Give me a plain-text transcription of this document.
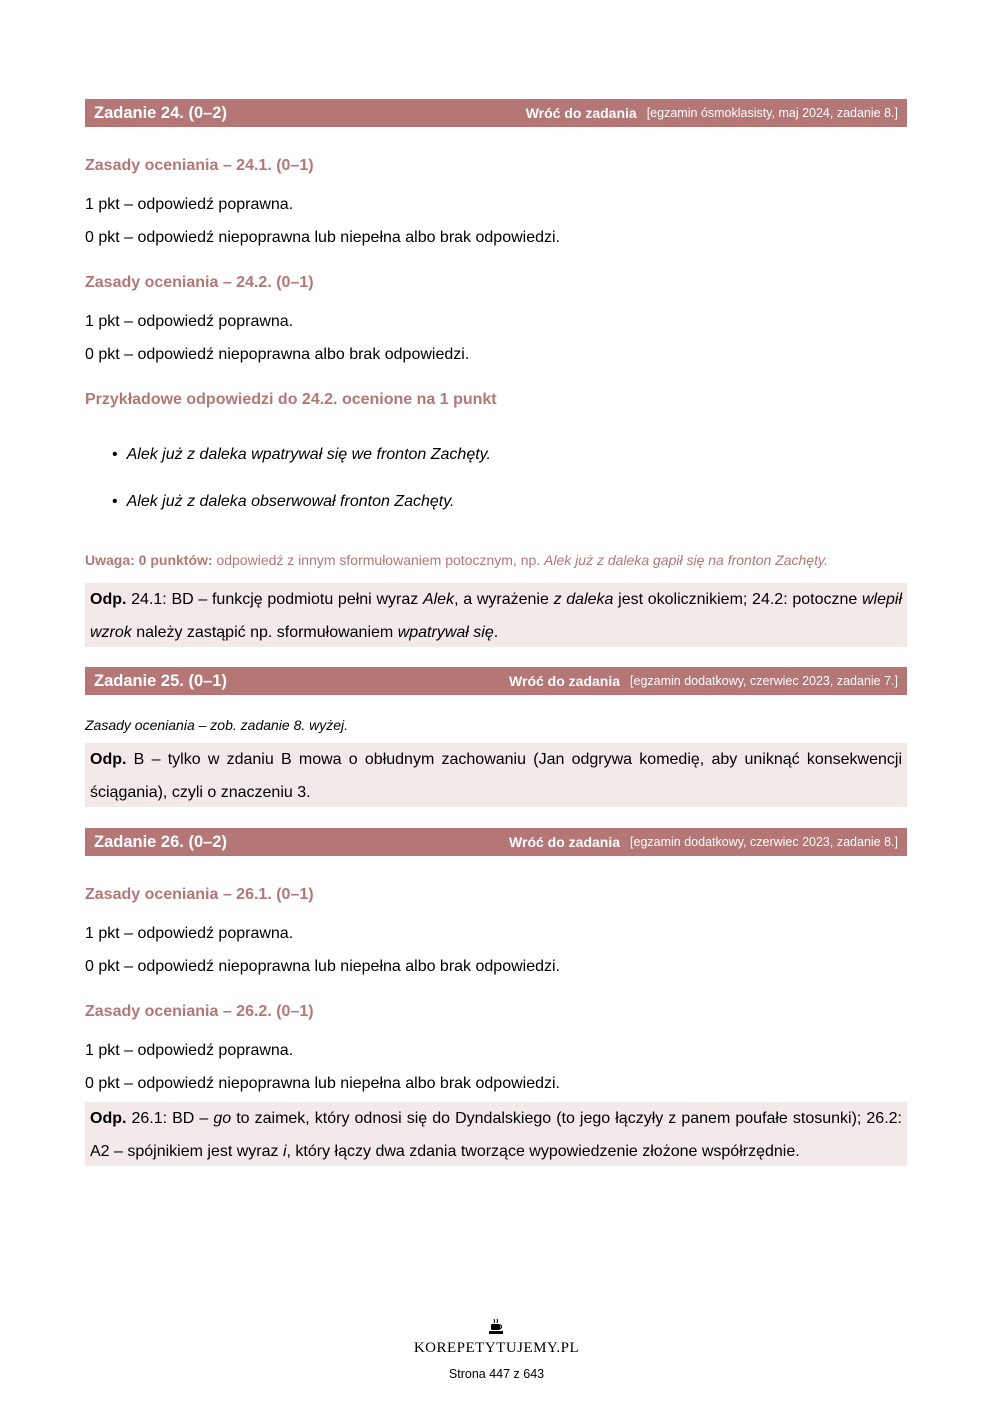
Zadanie 24. (0–2)	Wróć do zadania [egzamin ósmoklasisty, maj 2024, zadanie 8.]
Zasady oceniania – 24.1. (0–1)
1 pkt – odpowiedź poprawna.
0 pkt – odpowiedź niepoprawna lub niepełna albo brak odpowiedzi.
Zasady oceniania – 24.2. (0–1)
1 pkt – odpowiedź poprawna.
0 pkt – odpowiedź niepoprawna albo brak odpowiedzi.
Przykładowe odpowiedzi do 24.2. ocenione na 1 punkt
• Alek już z daleka wpatrywał się we fronton Zachęty.
• Alek już z daleka obserwował fronton Zachęty.
Uwaga: 0 punktów: odpowiedź z innym sformułowaniem potocznym, np. Alek już z daleka gapił się na fronton Zachęty.
Odp. 24.1: BD – funkcję podmiotu pełni wyraz Alek, a wyrażenie z daleka jest okolicznikiem; 24.2: potoczne wlepił wzrok należy zastąpić np. sformułowaniem wpatrywał się.
Zadanie 25. (0–1)	Wróć do zadania [egzamin dodatkowy, czerwiec 2023, zadanie 7.]
Zasady oceniania – zob. zadanie 8. wyżej.
Odp. B – tylko w zdaniu B mowa o obłudnym zachowaniu (Jan odgrywa komedię, aby uniknąć konsekwencji ściągania), czyli o znaczeniu 3.
Zadanie 26. (0–2)	Wróć do zadania [egzamin dodatkowy, czerwiec 2023, zadanie 8.]
Zasady oceniania – 26.1. (0–1)
1 pkt – odpowiedź poprawna.
0 pkt – odpowiedź niepoprawna lub niepełna albo brak odpowiedzi.
Zasady oceniania – 26.2. (0–1)
1 pkt – odpowiedź poprawna.
0 pkt – odpowiedź niepoprawna lub niepełna albo brak odpowiedzi.
Odp. 26.1: BD – go to zaimek, który odnosi się do Dyndalskiego (to jego łączyły z panem poufałe stosunki); 26.2: A2 – spójnikiem jest wyraz i, który łączy dwa zdania tworzące wypowiedzenie złożone współrzędnie.
KOREPETYTUJEMY.PL
Strona 447 z 643
